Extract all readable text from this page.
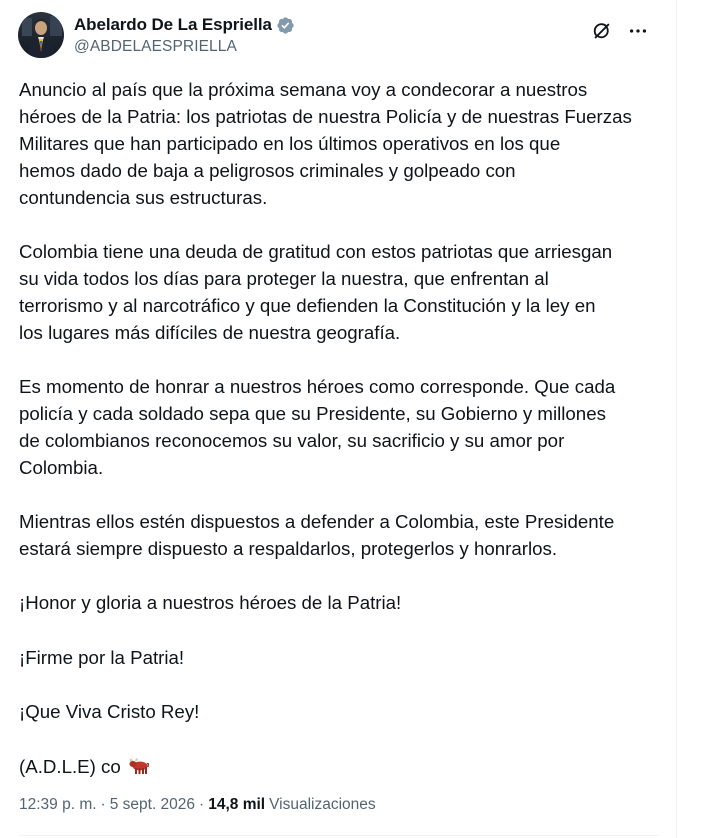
Abelardo De La Espriella
@ABDELAESPRIELLA
Anuncio al país que la próxima semana voy a condecorar a nuestros
héroes de la Patria: los patriotas de nuestra Policía y de nuestras Fuerzas
Militares que han participado en los últimos operativos en los que
hemos dado de baja a peligrosos criminales y golpeado con
contundencia sus estructuras.
Colombia tiene una deuda de gratitud con estos patriotas que arriesgan
su vida todos los días para proteger la nuestra, que enfrentan al
terrorismo y al narcotráfico y que defienden la Constitución y la ley en
los lugares más difíciles de nuestra geografía.
Es momento de honrar a nuestros héroes como corresponde. Que cada
policía y cada soldado sepa que su Presidente, su Gobierno y millones
de colombianos reconocemos su valor, su sacrificio y su amor por
Colombia.
Mientras ellos estén dispuestos a defender a Colombia, este Presidente
estará siempre dispuesto a respaldarlos, protegerlos y honrarlos.
¡Honor y gloria a nuestros héroes de la Patria!
¡Firme por la Patria!
¡Que Viva Cristo Rey!
(A.D.L.E) co
12:39 p. m. · 5 sept. 2026 · 14,8 mil Visualizaciones
